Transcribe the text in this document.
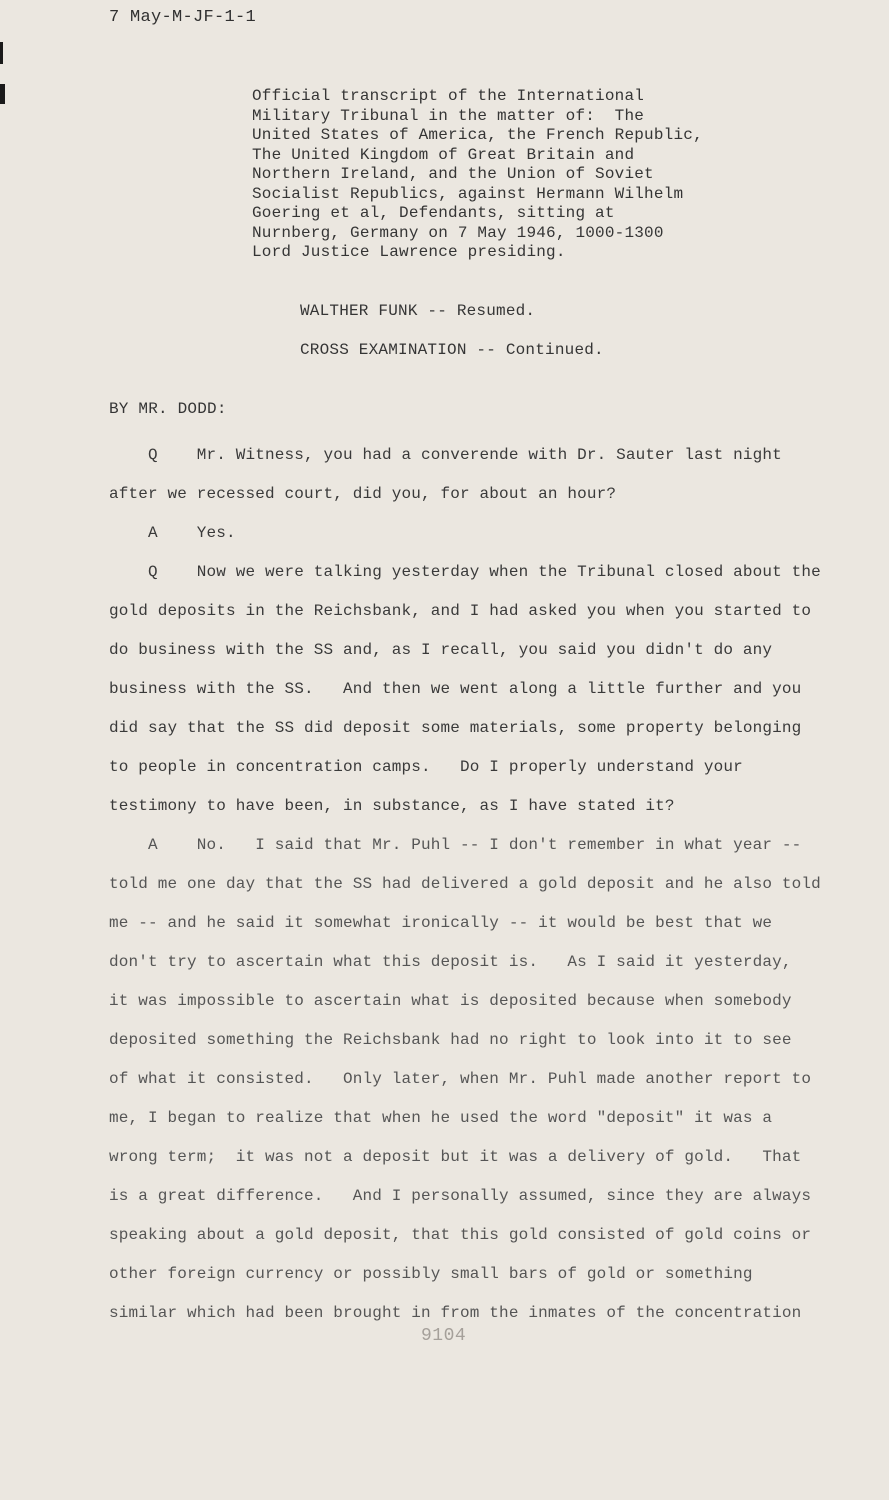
7 May-M-JF-1-1
Official transcript of the International
Military Tribunal in the matter of:  The
United States of America, the French Republic,
The United Kingdom of Great Britain and
Northern Ireland, and the Union of Soviet
Socialist Republics, against Hermann Wilhelm
Goering et al, Defendants, sitting at
Nurnberg, Germany on 7 May 1946, 1000-1300
Lord Justice Lawrence presiding.
WALTHER FUNK -- Resumed.
CROSS EXAMINATION -- Continued.
BY MR. DODD:
Q    Mr. Witness, you had a converende with Dr. Sauter last night
after we recessed court, did you, for about an hour?
A    Yes.
Q    Now we were talking yesterday when the Tribunal closed about the
gold deposits in the Reichsbank, and I had asked you when you started to
do business with the SS and, as I recall, you said you didn't do any
business with the SS.   And then we went along a little further and you
did say that the SS did deposit some materials, some property belonging
to people in concentration camps.   Do I properly understand your
testimony to have been, in substance, as I have stated it?
A    No.   I said that Mr. Puhl -- I don't remember in what year --
told me one day that the SS had delivered a gold deposit and he also told
me -- and he said it somewhat ironically -- it would be best that we
don't try to ascertain what this deposit is.   As I said it yesterday,
it was impossible to ascertain what is deposited because when somebody
deposited something the Reichsbank had no right to look into it to see
of what it consisted.   Only later, when Mr. Puhl made another report to
me, I began to realize that when he used the word "deposit" it was a
wrong term;  it was not a deposit but it was a delivery of gold.   That
is a great difference.   And I personally assumed, since they are always
speaking about a gold deposit, that this gold consisted of gold coins or
other foreign currency or possibly small bars of gold or something
similar which had been brought in from the inmates of the concentration
9104
